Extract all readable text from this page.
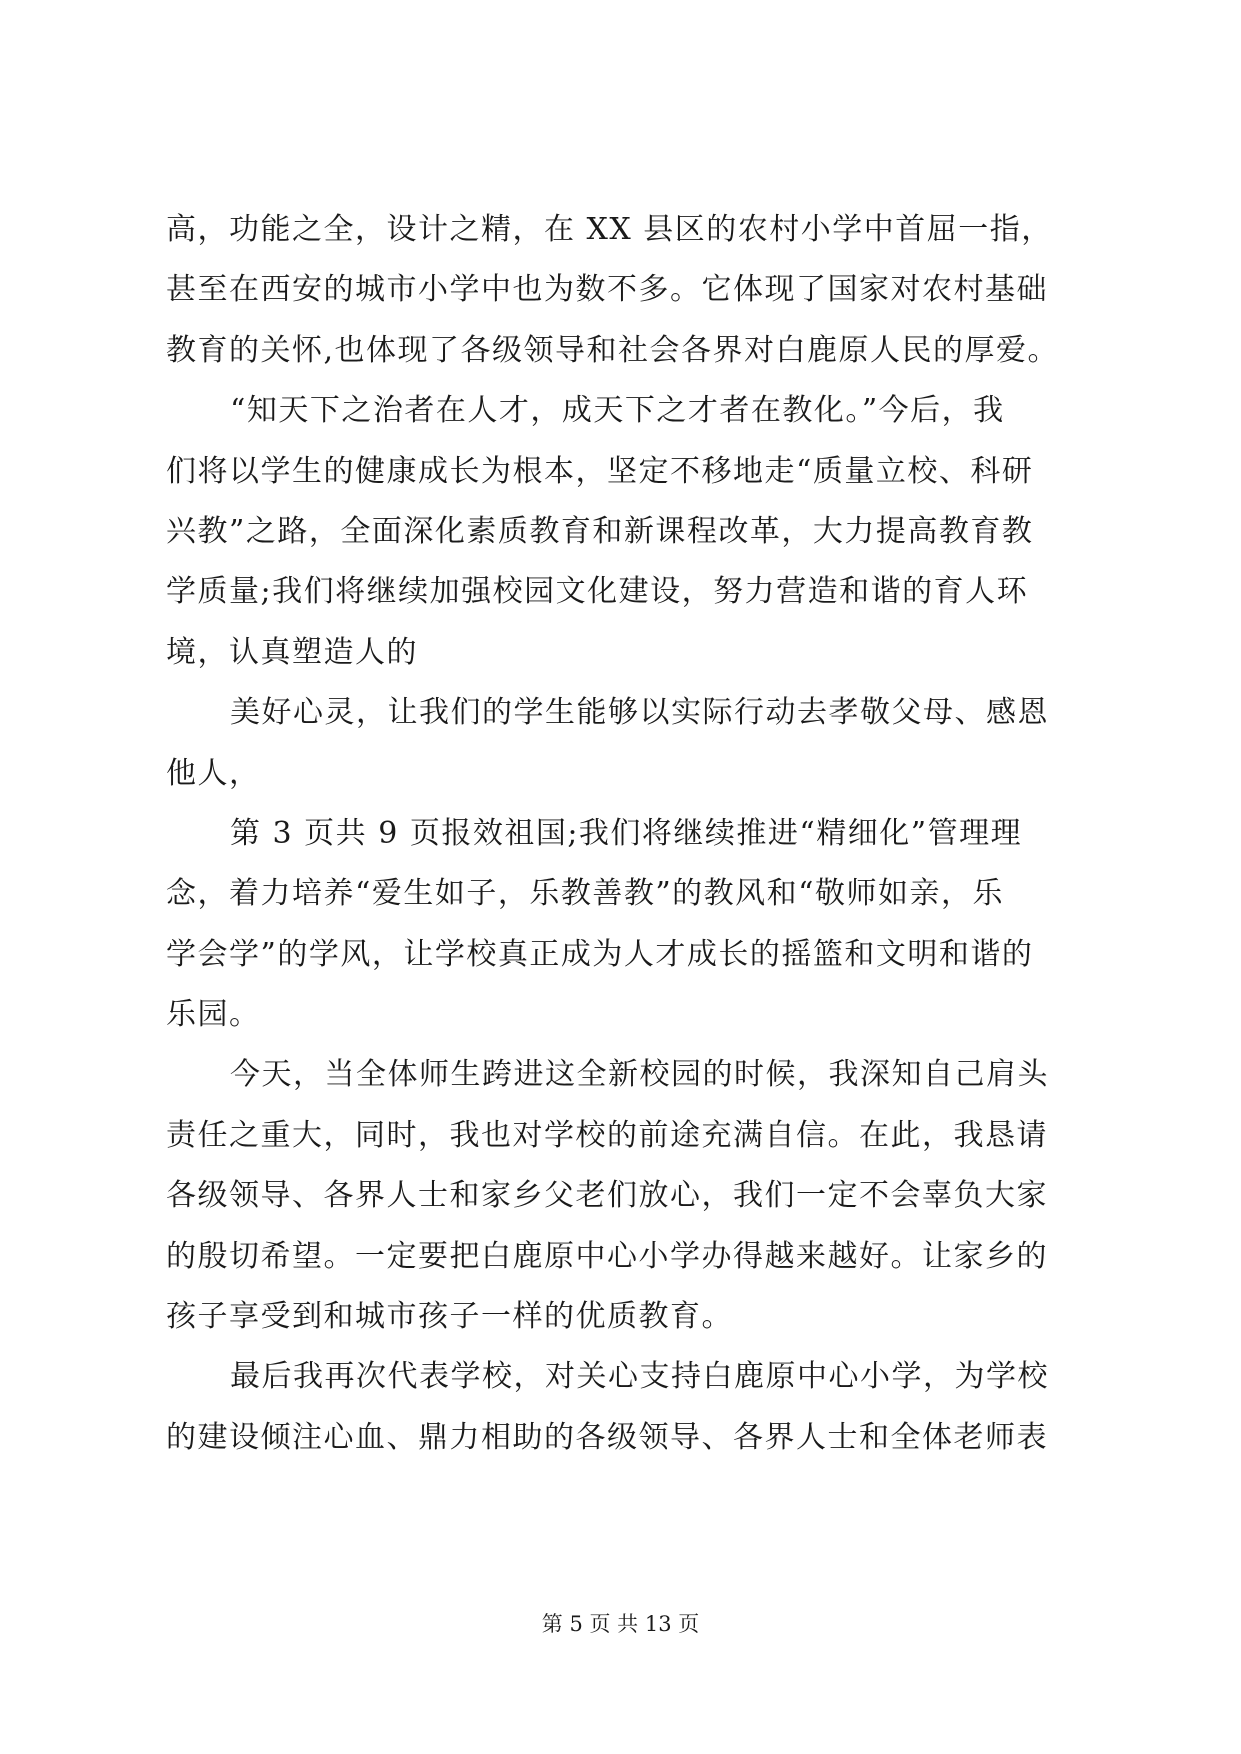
高，功能之全，设计之精，在 XX 县区的农村小学中首屈一指，
甚至在西安的城市小学中也为数不多。它体现了国家对农村基础
教育的关怀,也体现了各级领导和社会各界对白鹿原人民的厚爱。
“知天下之治者在人才，成天下之才者在教化。”今后，我
们将以学生的健康成长为根本，坚定不移地走“质量立校、科研
兴教”之路，全面深化素质教育和新课程改革，大力提高教育教
学质量;我们将继续加强校园文化建设，努力营造和谐的育人环
境，认真塑造人的
美好心灵，让我们的学生能够以实际行动去孝敬父母、感恩
他人，
第 3 页共 9 页报效祖国;我们将继续推进“精细化”管理理
念，着力培养“爱生如子，乐教善教”的教风和“敬师如亲，乐
学会学”的学风，让学校真正成为人才成长的摇篮和文明和谐的
乐园。
今天，当全体师生跨进这全新校园的时候，我深知自己肩头
责任之重大，同时，我也对学校的前途充满自信。在此，我恳请
各级领导、各界人士和家乡父老们放心，我们一定不会辜负大家
的殷切希望。一定要把白鹿原中心小学办得越来越好。让家乡的
孩子享受到和城市孩子一样的优质教育。
最后我再次代表学校，对关心支持白鹿原中心小学，为学校
的建设倾注心血、鼎力相助的各级领导、各界人士和全体老师表
第 5 页 共 13 页
